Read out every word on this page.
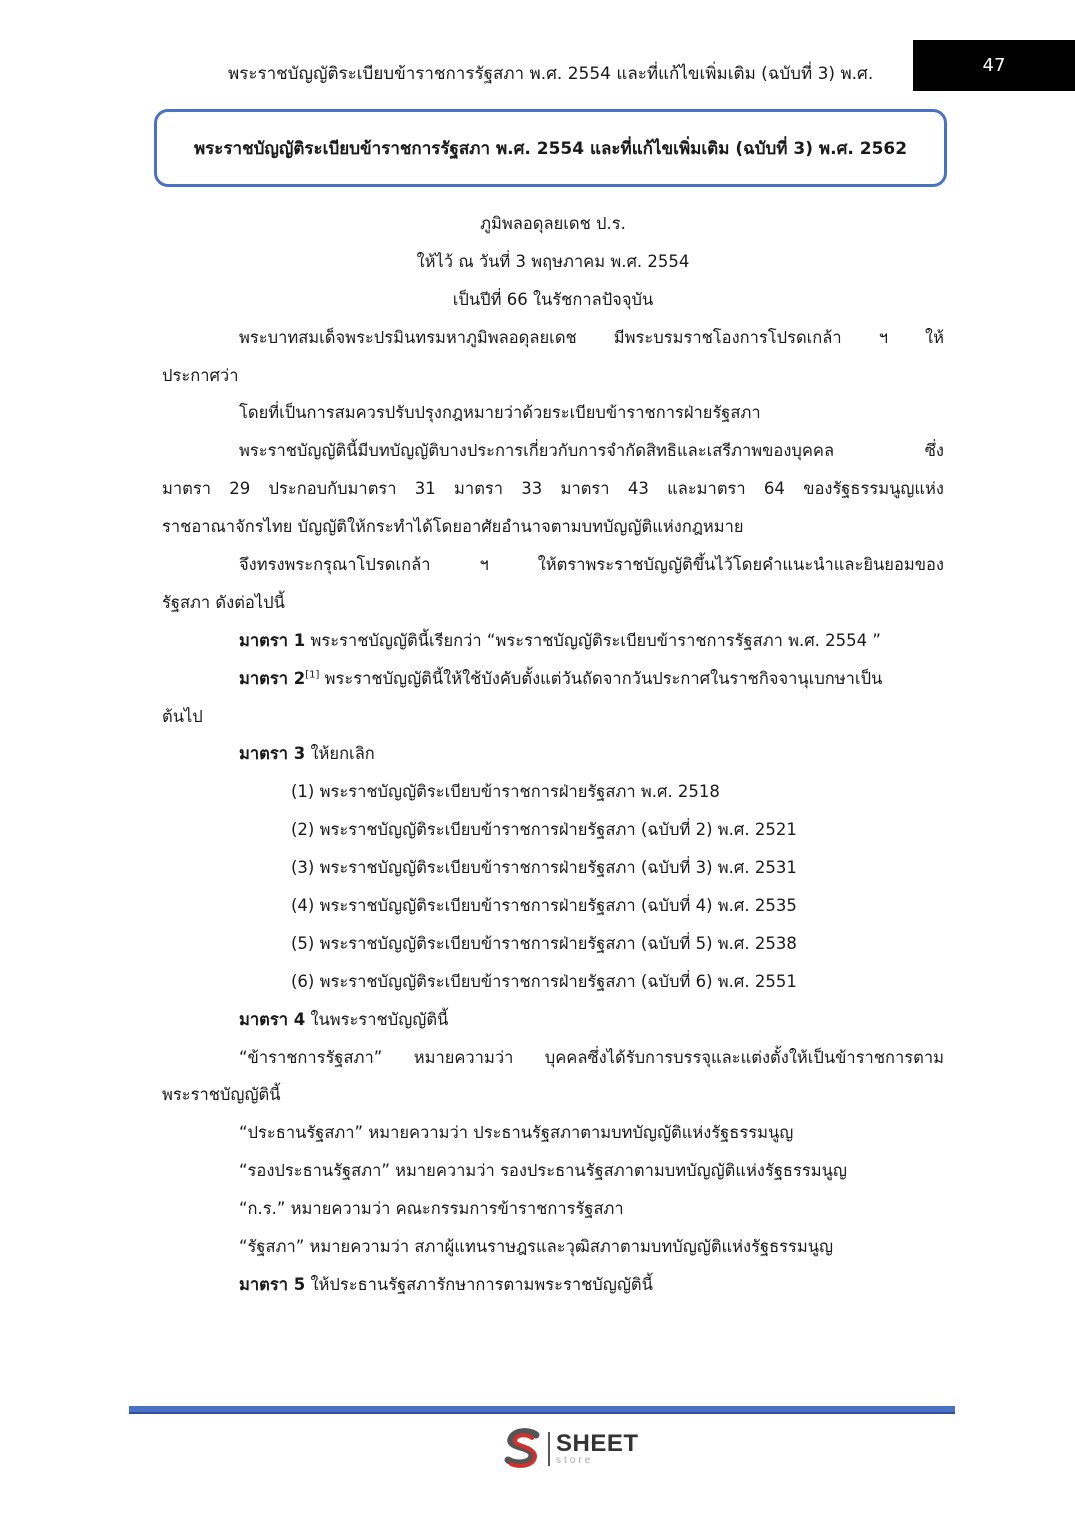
พระราชบัญญัติระเบียบข้าราชการรัฐสภา พ.ศ. 2554 และที่แก้ไขเพิ่มเติม (ฉบับที่ 3) พ.ศ.	47
พระราชบัญญัติระเบียบข้าราชการรัฐสภา พ.ศ. 2554 และที่แก้ไขเพิ่มเติม (ฉบับที่ 3) พ.ศ. 2562
ภูมิพลอดุลยเดช ป.ร.
ให้ไว้ ณ วันที่ 3 พฤษภาคม พ.ศ. 2554
เป็นปีที่ 66 ในรัชกาลปัจจุบัน
พระบาทสมเด็จพระปรมินทรมหาภูมิพลอดุลยเดช มีพระบรมราชโองการโปรดเกล้า ฯ ให้
ประกาศว่า
โดยที่เป็นการสมควรปรับปรุงกฎหมายว่าด้วยระเบียบข้าราชการฝ่ายรัฐสภา
พระราชบัญญัตินี้มีบทบัญญัติบางประการเกี่ยวกับการจำกัดสิทธิและเสรีภาพของบุคคล ซึ่ง
มาตรา 29 ประกอบกับมาตรา 31 มาตรา 33 มาตรา 43 และมาตรา 64 ของรัฐธรรมนูญแห่ง
ราชอาณาจักรไทย บัญญัติให้กระทำได้โดยอาศัยอำนาจตามบทบัญญัติแห่งกฎหมาย
จึงทรงพระกรุณาโปรดเกล้า ฯ ให้ตราพระราชบัญญัติขึ้นไว้โดยคำแนะนำและยินยอมของ
รัฐสภา ดังต่อไปนี้
มาตรา 1 พระราชบัญญัตินี้เรียกว่า “พระราชบัญญัติระเบียบข้าราชการรัฐสภา พ.ศ. 2554 ”
มาตรา 2[1] พระราชบัญญัตินี้ให้ใช้บังคับตั้งแต่วันถัดจากวันประกาศในราชกิจจานุเบกษาเป็น
ต้นไป
มาตรา 3 ให้ยกเลิก
(1) พระราชบัญญัติระเบียบข้าราชการฝ่ายรัฐสภา พ.ศ. 2518
(2) พระราชบัญญัติระเบียบข้าราชการฝ่ายรัฐสภา (ฉบับที่ 2) พ.ศ. 2521
(3) พระราชบัญญัติระเบียบข้าราชการฝ่ายรัฐสภา (ฉบับที่ 3) พ.ศ. 2531
(4) พระราชบัญญัติระเบียบข้าราชการฝ่ายรัฐสภา (ฉบับที่ 4) พ.ศ. 2535
(5) พระราชบัญญัติระเบียบข้าราชการฝ่ายรัฐสภา (ฉบับที่ 5) พ.ศ. 2538
(6) พระราชบัญญัติระเบียบข้าราชการฝ่ายรัฐสภา (ฉบับที่ 6) พ.ศ. 2551
มาตรา 4 ในพระราชบัญญัตินี้
“ข้าราชการรัฐสภา” หมายความว่า บุคคลซึ่งได้รับการบรรจุและแต่งตั้งให้เป็นข้าราชการตาม
พระราชบัญญัตินี้
“ประธานรัฐสภา” หมายความว่า ประธานรัฐสภาตามบทบัญญัติแห่งรัฐธรรมนูญ
“รองประธานรัฐสภา” หมายความว่า รองประธานรัฐสภาตามบทบัญญัติแห่งรัฐธรรมนูญ
“ก.ร.” หมายความว่า คณะกรรมการข้าราชการรัฐสภา
“รัฐสภา” หมายความว่า สภาผู้แทนราษฎรและวุฒิสภาตามบทบัญญัติแห่งรัฐธรรมนูญ
มาตรา 5 ให้ประธานรัฐสภารักษาการตามพระราชบัญญัตินี้
SHEET
store
